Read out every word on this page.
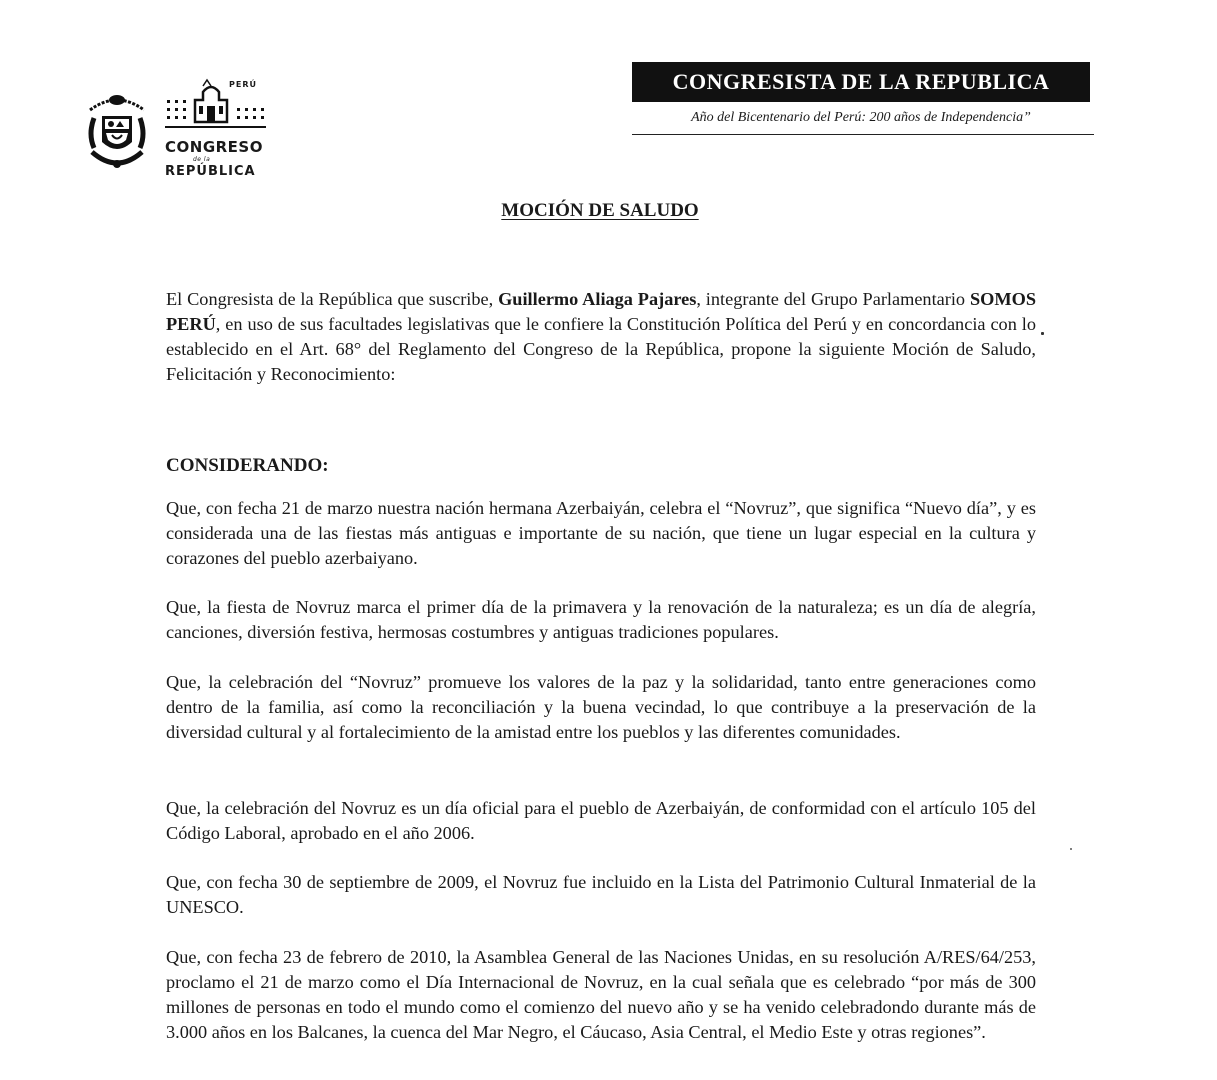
PERÚ
CONGRESO
de la
REPÚBLICA
CONGRESISTA DE LA REPUBLICA
Año del Bicentenario del Perú: 200 años de Independencia”
MOCIÓN DE SALUDO

El Congresista de la República que suscribe, Guillermo Aliaga Pajares, integrante del Grupo Parlamentario SOMOS PERÚ, en uso de sus facultades legislativas que le confiere la Constitución Política del Perú y en concordancia con lo establecido en el Art. 68° del Reglamento del Congreso de la República, propone la siguiente Moción de Saludo, Felicitación y Reconocimiento:

CONSIDERANDO:

Que, con fecha 21 de marzo nuestra nación hermana Azerbaiyán, celebra el “Novruz”, que significa “Nuevo día”, y es considerada una de las fiestas más antiguas e importante de su nación, que tiene un lugar especial en la cultura y corazones del pueblo azerbaiyano.

Que, la fiesta de Novruz marca el primer día de la primavera y la renovación de la naturaleza; es un día de alegría, canciones, diversión festiva, hermosas costumbres y antiguas tradiciones populares.

Que, la celebración del “Novruz” promueve los valores de la paz y la solidaridad, tanto entre generaciones como dentro de la familia, así como la reconciliación y la buena vecindad, lo que contribuye a la preservación de la diversidad cultural y al fortalecimiento de la amistad entre los pueblos y las diferentes comunidades.

Que, la celebración del Novruz es un día oficial para el pueblo de Azerbaiyán, de conformidad con el artículo 105 del Código Laboral, aprobado en el año 2006.

Que, con fecha 30 de septiembre de 2009, el Novruz fue incluido en la Lista del Patrimonio Cultural Inmaterial de la UNESCO.

Que, con fecha 23 de febrero de 2010, la Asamblea General de las Naciones Unidas, en su resolución A/RES/64/253, proclamo el 21 de marzo como el Día Internacional de Novruz, en la cual señala que es celebrado “por más de 300 millones de personas en todo el mundo como el comienzo del nuevo año y se ha venido celebradondo durante más de 3.000 años en los Balcanes, la cuenca del Mar Negro, el Cáucaso, Asia Central, el Medio Este y otras regiones”.
